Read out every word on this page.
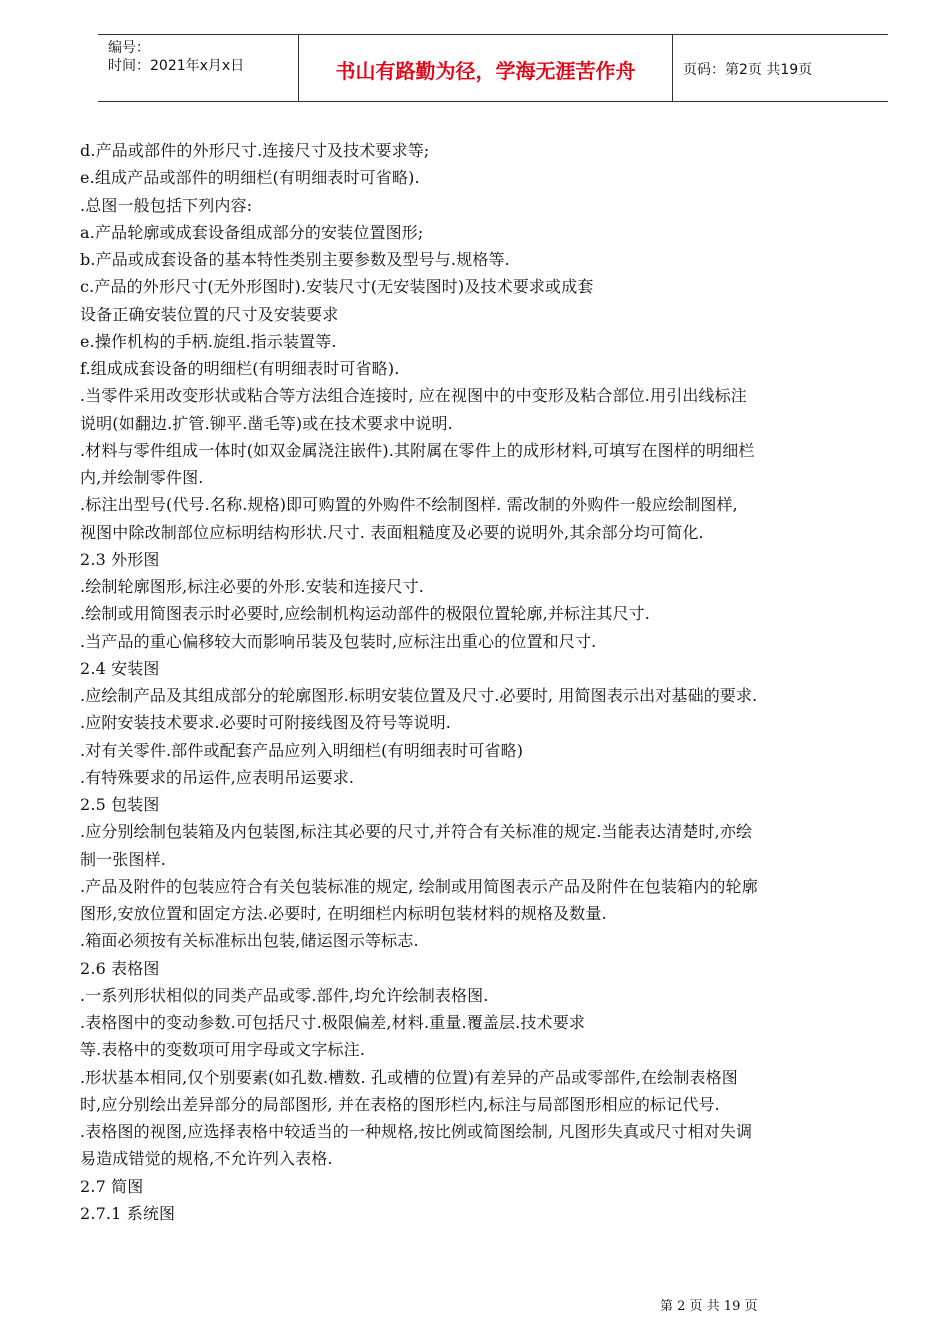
编号：
时间：2021年x月x日	书山有路勤为径，学海无涯苦作舟	页码：第2页 共19页
d.产品或部件的外形尺寸.连接尺寸及技术要求等;
e.组成产品或部件的明细栏(有明细表时可省略).
.总图一般包括下列内容:
a.产品轮廓或成套设备组成部分的安装位置图形;
b.产品或成套设备的基本特性类别主要参数及型号与.规格等.
c.产品的外形尺寸(无外形图时).安装尺寸(无安装图时)及技术要求或成套
设备正确安装位置的尺寸及安装要求
e.操作机构的手柄.旋组.指示装置等.
f.组成成套设备的明细栏(有明细表时可省略).
.当零件采用改变形状或粘合等方法组合连接时, 应在视图中的中变形及粘合部位.用引出线标注
说明(如翻边.扩管.铆平.凿毛等)或在技术要求中说明.
.材料与零件组成一体时(如双金属浇注嵌件).其附属在零件上的成形材料,可填写在图样的明细栏
内,并绘制零件图.
.标注出型号(代号.名称.规格)即可购置的外购件不绘制图样. 需改制的外购件一般应绘制图样,
视图中除改制部位应标明结构形状.尺寸. 表面粗糙度及必要的说明外,其余部分均可简化.
2.3 外形图
.绘制轮廓图形,标注必要的外形.安装和连接尺寸.
.绘制或用简图表示时必要时,应绘制机构运动部件的极限位置轮廓,并标注其尺寸.
.当产品的重心偏移较大而影响吊装及包装时,应标注出重心的位置和尺寸.
2.4 安装图
.应绘制产品及其组成部分的轮廓图形.标明安装位置及尺寸.必要时, 用简图表示出对基础的要求.
.应附安装技术要求.必要时可附接线图及符号等说明.
.对有关零件.部件或配套产品应列入明细栏(有明细表时可省略)
.有特殊要求的吊运件,应表明吊运要求.
2.5 包装图
.应分别绘制包装箱及内包装图,标注其必要的尺寸,并符合有关标准的规定.当能表达清楚时,亦绘
制一张图样.
.产品及附件的包装应符合有关包装标准的规定, 绘制或用简图表示产品及附件在包装箱内的轮廓
图形,安放位置和固定方法.必要时, 在明细栏内标明包装材料的规格及数量.
.箱面必须按有关标准标出包装,储运图示等标志.
2.6 表格图
.一系列形状相似的同类产品或零.部件,均允许绘制表格图.
.表格图中的变动参数.可包括尺寸.极限偏差,材料.重量.覆盖层.技术要求
等.表格中的变数项可用字母或文字标注.
.形状基本相同,仅个别要素(如孔数.槽数. 孔或槽的位置)有差异的产品或零部件,在绘制表格图
时,应分别绘出差异部分的局部图形, 并在表格的图形栏内,标注与局部图形相应的标记代号.
.表格图的视图,应选择表格中较适当的一种规格,按比例或简图绘制, 凡图形失真或尺寸相对失调
易造成错觉的规格,不允许列入表格.
2.7 简图
2.7.1 系统图
第 2 页 共 19 页
